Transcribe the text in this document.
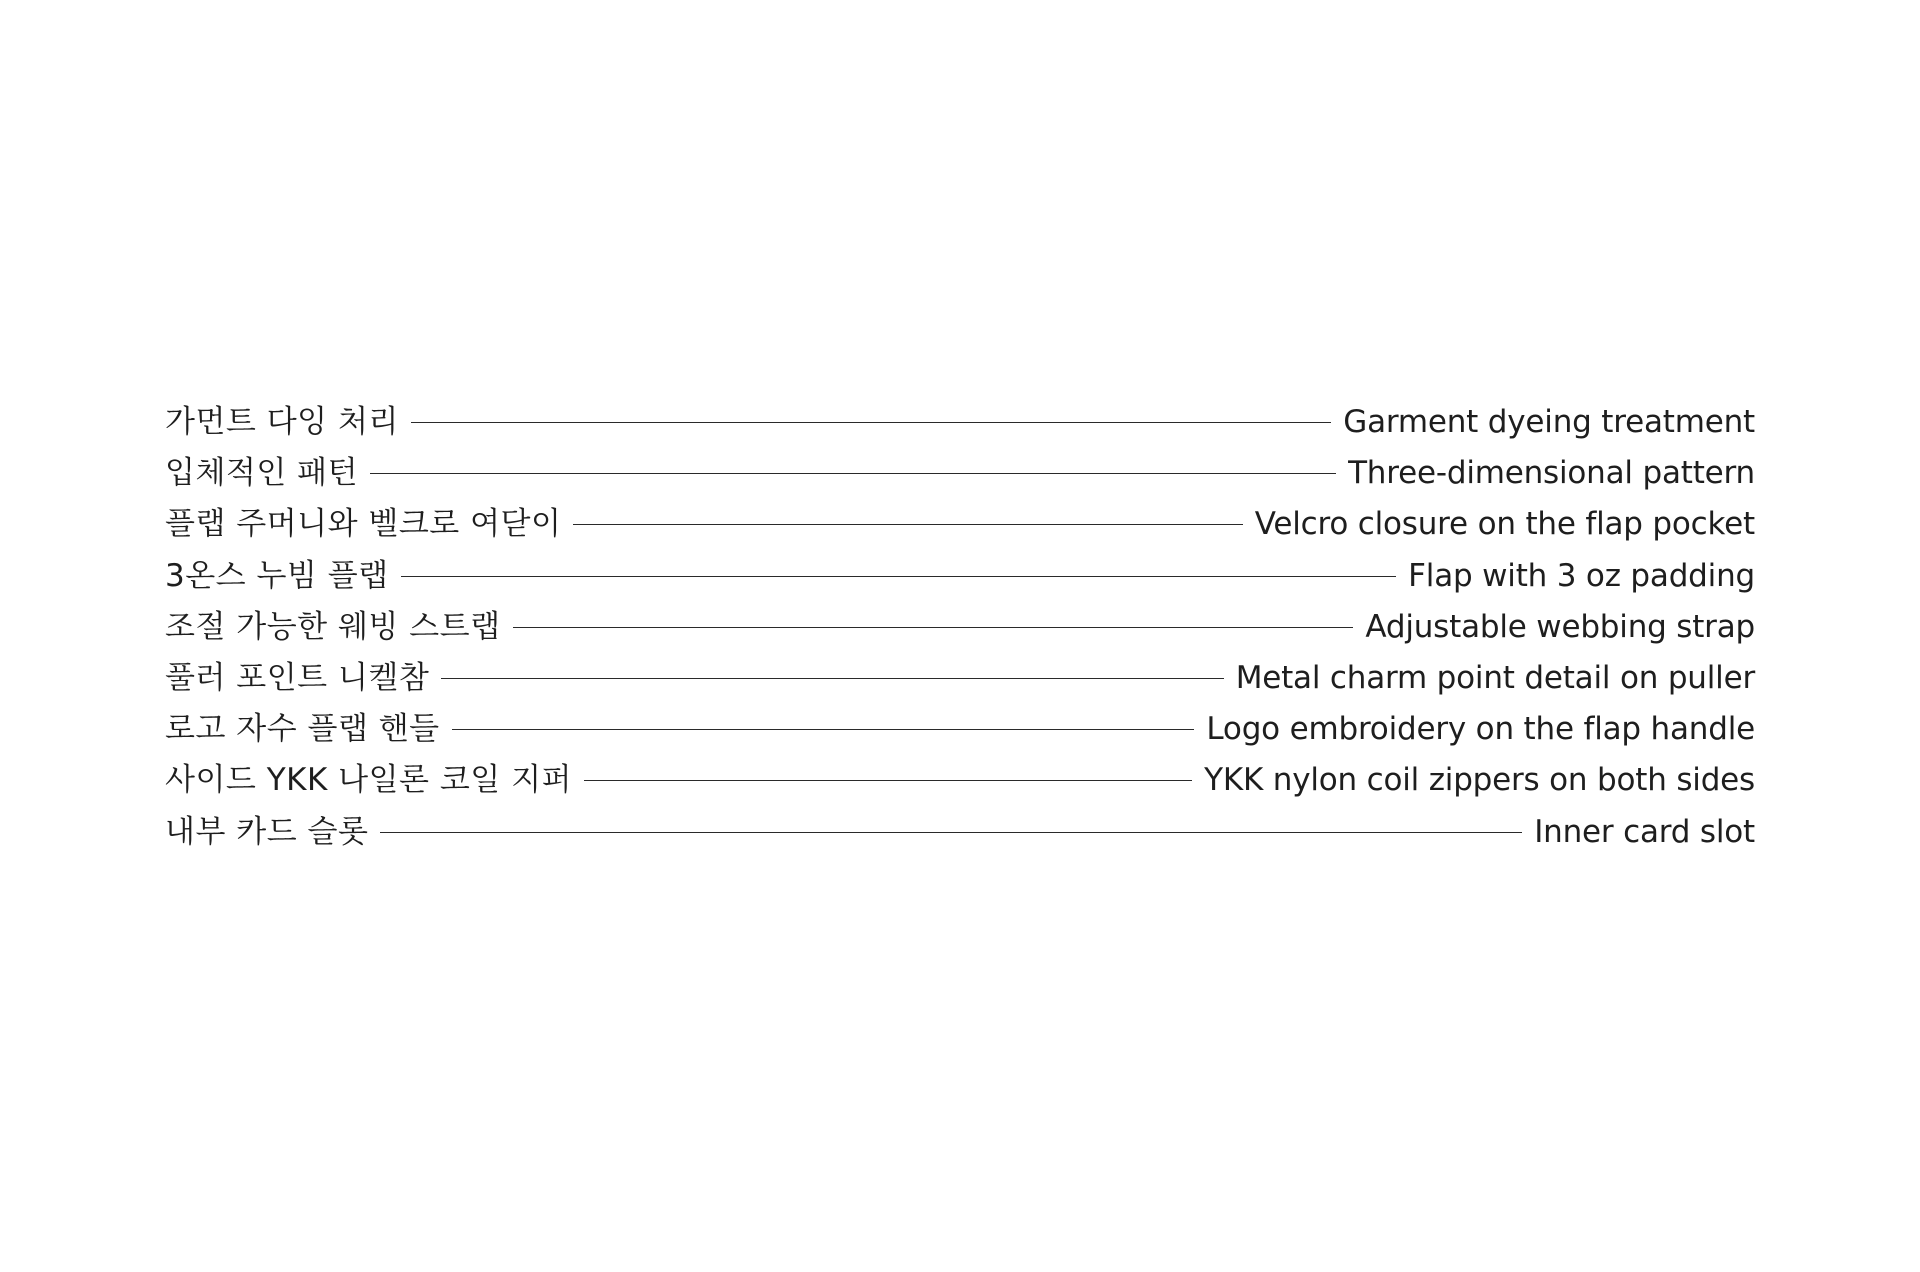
가먼트 다잉 처리	Garment dyeing treatment
입체적인 패턴	Three-dimensional pattern
플랩 주머니와 벨크로 여닫이	Velcro closure on the flap pocket
3온스 누빔 플랩	Flap with 3 oz padding
조절 가능한 웨빙 스트랩	Adjustable webbing strap
풀러 포인트 니켈참	Metal charm point detail on puller
로고 자수 플랩 핸들	Logo embroidery on the flap handle
사이드 YKK 나일론 코일 지퍼	YKK nylon coil zippers on both sides
내부 카드 슬롯	Inner card slot
